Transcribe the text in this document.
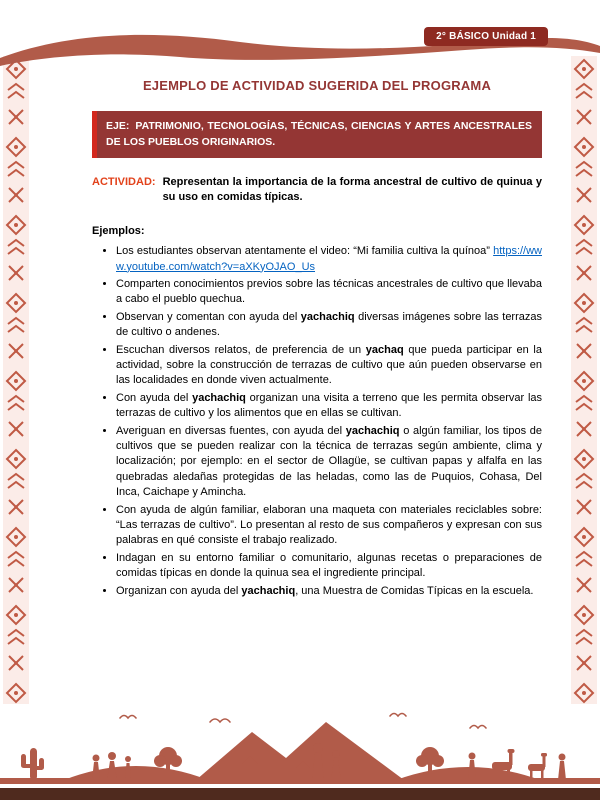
2° BÁSICO Unidad 1
EJEMPLO DE ACTIVIDAD SUGERIDA DEL PROGRAMA
EJE: PATRIMONIO, TECNOLOGÍAS, TÉCNICAS, CIENCIAS Y ARTES ANCESTRALES DE LOS PUEBLOS ORIGINARIOS.
ACTIVIDAD: Representan la importancia de la forma ancestral de cultivo de quinua y su uso en comidas típicas.
Ejemplos:
• Los estudiantes observan atentamente el video: “Mi familia cultiva la quínoa” https://www.youtube.com/watch?v=aXKyOJAO_Us
• Comparten conocimientos previos sobre las técnicas ancestrales de cultivo que llevaba a cabo el pueblo quechua.
• Observan y comentan con ayuda del yachachiq diversas imágenes sobre las terrazas de cultivo o andenes.
• Escuchan diversos relatos, de preferencia de un yachaq que pueda participar en la actividad, sobre la construcción de terrazas de cultivo que aún pueden observarse en las localidades en donde viven actualmente.
• Con ayuda del yachachiq organizan una visita a terreno que les permita observar las terrazas de cultivo y los alimentos que en ellas se cultivan.
• Averiguan en diversas fuentes, con ayuda del yachachiq o algún familiar, los tipos de cultivos que se pueden realizar con la técnica de terrazas según ambiente, clima y localización; por ejemplo: en el sector de Ollagüe, se cultivan papas y alfalfa en las quebradas aledañas protegidas de las heladas, como las de Puquios, Cohasa, Del Inca, Caichape y Amincha.
• Con ayuda de algún familiar, elaboran una maqueta con materiales reciclables sobre: “Las terrazas de cultivo”. Lo presentan al resto de sus compañeros y expresan con sus palabras en qué consiste el trabajo realizado.
• Indagan en su entorno familiar o comunitario, algunas recetas o preparaciones de comidas típicas en donde la quinua sea el ingrediente principal.
• Organizan con ayuda del yachachiq, una Muestra de Comidas Típicas en la escuela.
